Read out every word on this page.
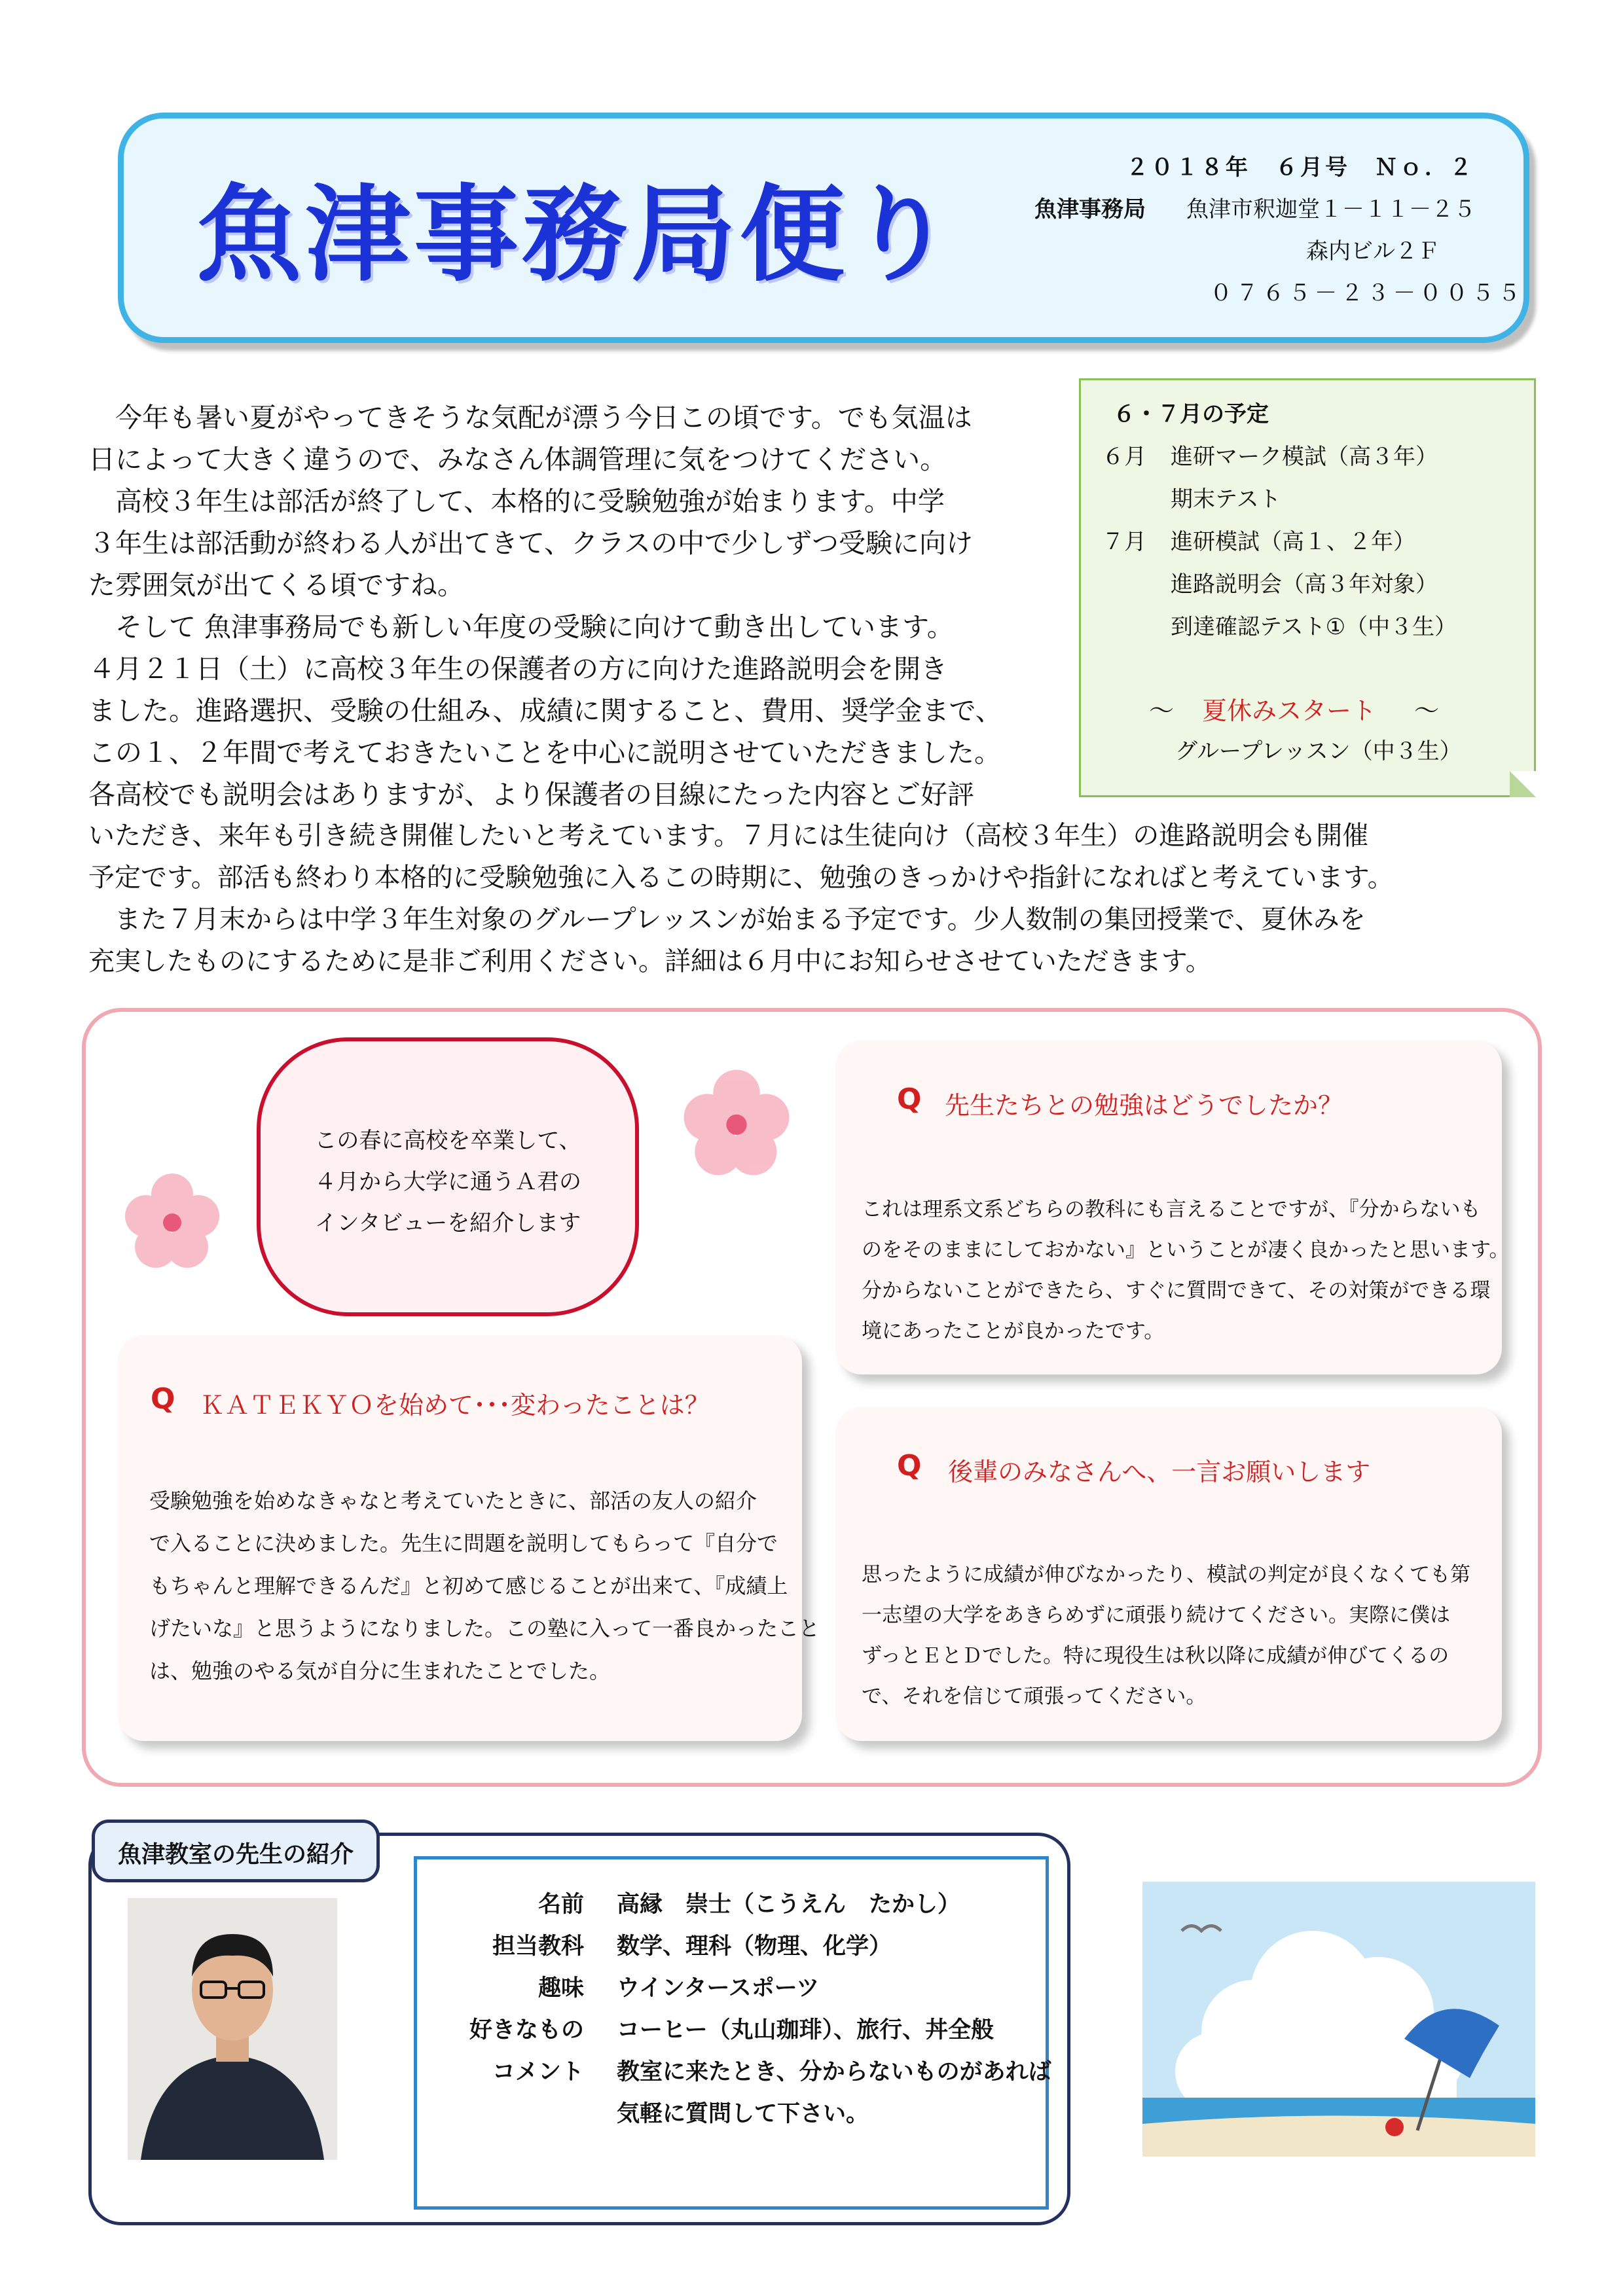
魚津事務局便り
２０１８年　６月号　Ｎｏ．２
魚津事務局 魚津市釈迦堂１－１１－２５
森内ビル２Ｆ
０７６５－２３－００５５
６・７月の予定
６月 進研マーク模試（高３年）
期末テスト
７月 進研模試（高１、２年）
進路説明会（高３年対象）
到達確認テスト①（中３生）
～ 夏休みスタート ～
グループレッスン（中３生）
　今年も暑い夏がやってきそうな気配が漂う今日この頃です。でも気温は
日によって大きく違うので、みなさん体調管理に気をつけてください。
　高校３年生は部活が終了して、本格的に受験勉強が始まります。中学
３年生は部活動が終わる人が出てきて、クラスの中で少しずつ受験に向け
た雰囲気が出てくる頃ですね。
　そして 魚津事務局でも新しい年度の受験に向けて動き出しています。
４月２１日（土）に高校３年生の保護者の方に向けた進路説明会を開き
ました。進路選択、受験の仕組み、成績に関すること、費用、奨学金まで、
この１、２年間で考えておきたいことを中心に説明させていただきました。
各高校でも説明会はありますが、より保護者の目線にたった内容とご好評
いただき、来年も引き続き開催したいと考えています。７月には生徒向け（高校３年生）の進路説明会も開催
予定です。部活も終わり本格的に受験勉強に入るこの時期に、勉強のきっかけや指針になればと考えています。
　また７月末からは中学３年生対象のグループレッスンが始まる予定です。少人数制の集団授業で、夏休みを
充実したものにするために是非ご利用ください。詳細は６月中にお知らせさせていただきます。
この春に高校を卒業して、
４月から大学に通うＡ君の
インタビューを紹介します
Q 先生たちとの勉強はどうでしたか？
これは理系文系どちらの教科にも言えることですが、『分からないも
のをそのままにしておかない』ということが凄く良かったと思います。
分からないことができたら、すぐに質問できて、その対策ができる環
境にあったことが良かったです。
Q ＫＡＴＥＫＹＯを始めて･･･変わったことは？
受験勉強を始めなきゃなと考えていたときに、部活の友人の紹介
で入ることに決めました。先生に問題を説明してもらって『自分で
もちゃんと理解できるんだ』と初めて感じることが出来て、『成績上
げたいな』と思うようになりました。この塾に入って一番良かったこと
は、勉強のやる気が自分に生まれたことでした。
Q 後輩のみなさんへ、一言お願いします
思ったように成績が伸びなかったり、模試の判定が良くなくても第
一志望の大学をあきらめずに頑張り続けてください。実際に僕は
ずっとＥとＤでした。特に現役生は秋以降に成績が伸びてくるの
で、それを信じて頑張ってください。
魚津教室の先生の紹介
名前 高縁　崇士（こうえん　たかし）
担当教科 数学、理科（物理、化学）
趣味 ウインタースポーツ
好きなもの コーヒー（丸山珈琲）、旅行、丼全般
コメント 教室に来たとき、分からないものがあれば
気軽に質問して下さい。
